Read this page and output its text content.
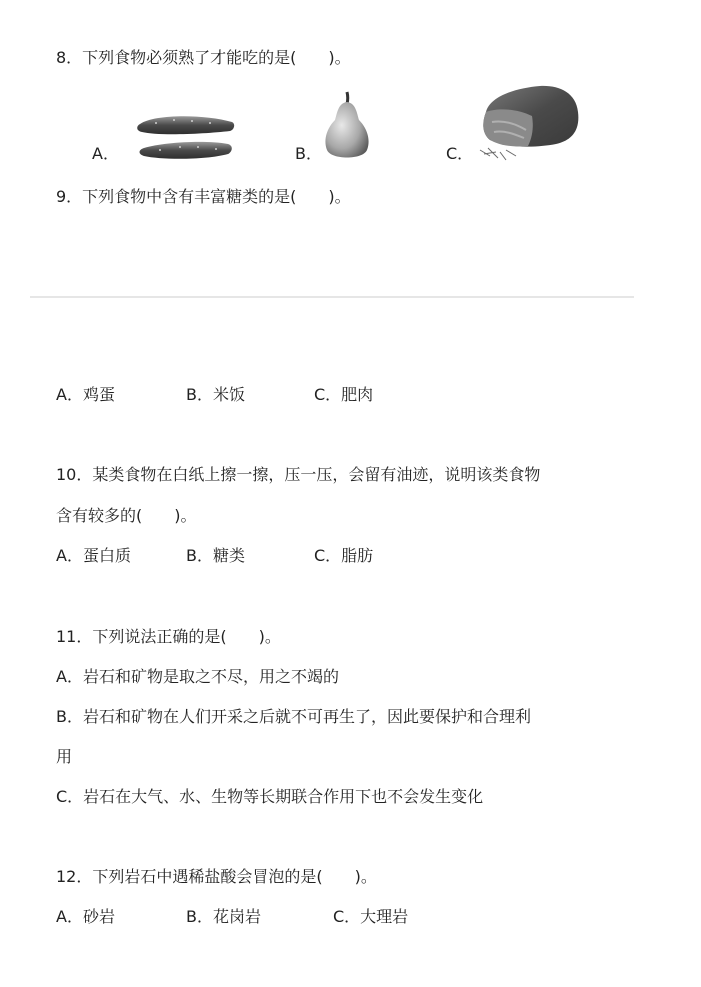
8．下列食物必须熟了才能吃的是(　　)。
A．	B．	C．
9．下列食物中含有丰富糖类的是(　　)。
A．鸡蛋	B．米饭	C．肥肉
10．某类食物在白纸上擦一擦，压一压，会留有油迹，说明该类食物
含有较多的(　　)。
A．蛋白质	B．糖类	C．脂肪
11．下列说法正确的是(　　)。
A．岩石和矿物是取之不尽，用之不竭的
B．岩石和矿物在人们开采之后就不可再生了，因此要保护和合理利
用
C．岩石在大气、水、生物等长期联合作用下也不会发生变化
12．下列岩石中遇稀盐酸会冒泡的是(　　)。
A．砂岩	B．花岗岩	C．大理岩
